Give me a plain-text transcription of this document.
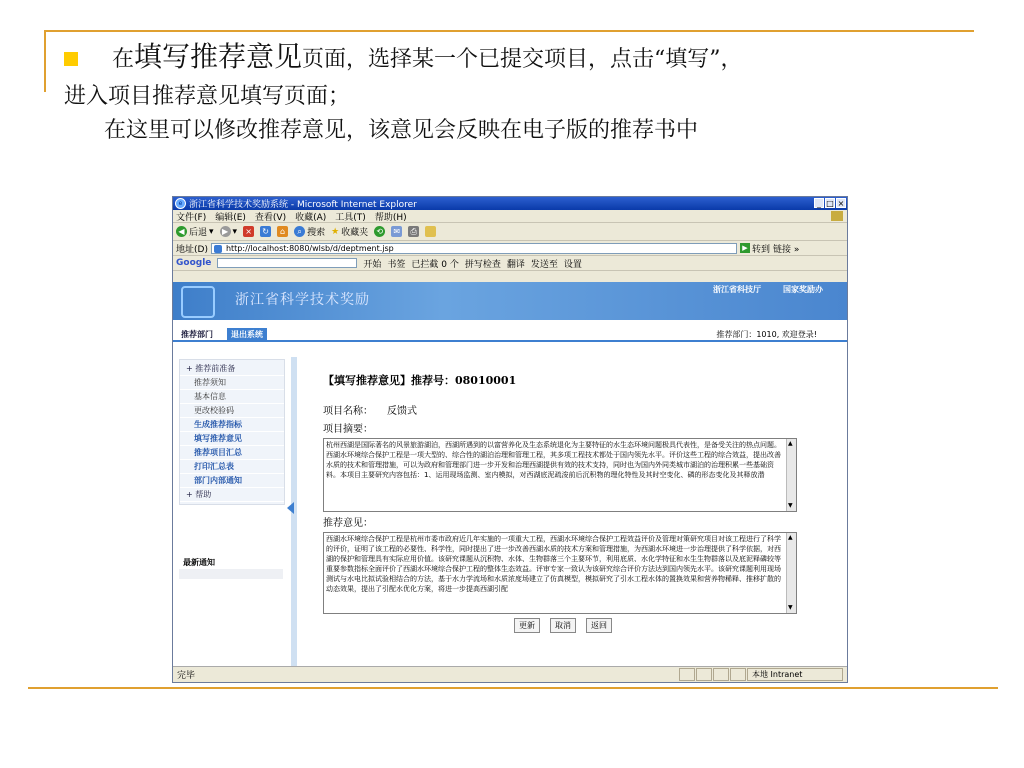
在填写推荐意见页面，选择某一个已提交项目，点击“填写”，
进入项目推荐意见填写页面；
在这里可以修改推荐意见，该意见会反映在电子版的推荐书中
e 浙江省科学技术奖励系统 - Microsoft Internet Explorer	_ □ ×
文件(F) 编辑(E) 查看(V) 收藏(A) 工具(T) 帮助(H)
◀ 后退 ▾	▶ ▾ × ↻	⌂	⌕ 搜索 ★ 收藏夹 ⟲ ✉ ⎙
地址(D)	http://localhost:8080/wlsb/d/deptment.jsp	▶ 转到 链接 »
Google	开始 书签 已拦截 0 个 拼写检查 翻译 发送至 设置
浙江省科学技术奖励
浙江省科技厅	国家奖励办
推荐部门	退出系统	推荐部门：1010, 欢迎登录!
+ 推荐前准备
推荐须知
基本信息
更改校验码
生成推荐指标
填写推荐意见
推荐项目汇总
打印汇总表
部门内部通知
+ 帮助
最新通知
【填写推荐意见】推荐号：08010001
项目名称： 反馈式
项目摘要：

杭州西湖是国际著名的风景旅游湖泊，西湖所遇到的以富营养化及生态系统退化为主要特征的水生态环境问题极具代表性，是备受关注的热点问题。西湖水环境综合保护工程是一项大型的、综合性的湖泊治理和管理工程，其多项工程技术都处于国内领先水平。评价这些工程的综合效益，提出改善水质的技术和管理措施，可以为政府和管理部门进一步开发和治理西湖提供有效的技术支持，同时也为国内外同类城市湖泊的治理积累一些基础资料。本项目主要研究内容包括：1、运用现场监测、室内模拟，对西湖底泥疏浚前后沉积物的理化特性及其时空变化、磷的形态变化及其释放潜

▲ ▼
推荐意见：

西湖水环境综合保护工程是杭州市委市政府近几年实施的一项重大工程，西湖水环境综合保护工程效益评价及管理对策研究项目对该工程进行了科学的评价，证明了该工程的必要性、科学性，同时提出了进一步改善西湖水质的技术方案和管理措施，为西湖水环境进一步治理提供了科学依据，对西湖的保护和管理具有实际应用价值。该研究课题从沉积物、水体、生物群落三个主要环节，利用底质、水化学特征和水生生物群落以及底泥释磷较等重要参数指标全面评价了西湖水环境综合保护工程的整体生态效益。评审专家一致认为该研究综合评价方法达到国内领先水平。该研究课题利用现场测试与水电比拟试验相结合的方法，基于水力学流场和水质浓度场建立了仿真模型，模拟研究了引水工程水体的置换效果和营养物稀释、推移扩散的动态效果，提出了引配水优化方案，将进一步提高西湖引配

▲ ▼
更新	取消	返回
完毕	本地 Intranet
